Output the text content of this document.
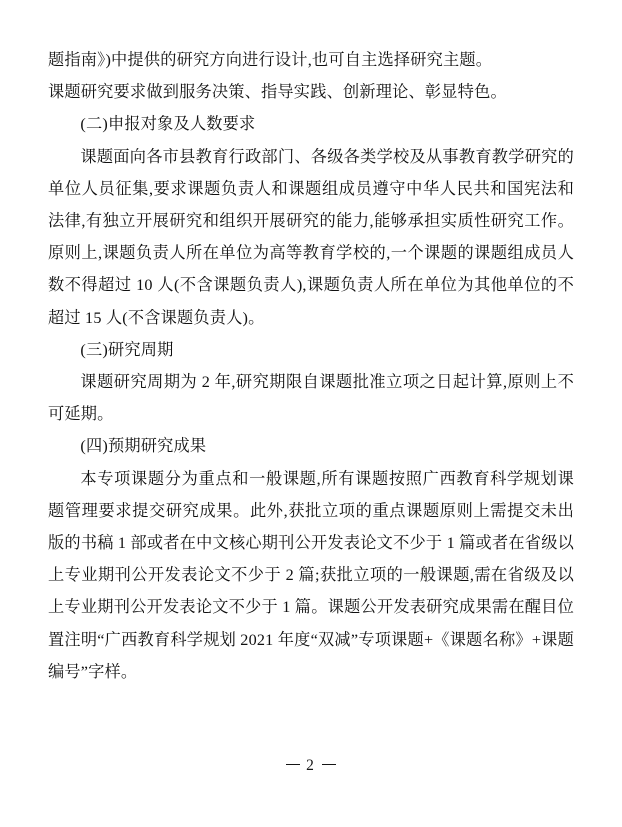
题指南》)中提供的研究方向进行设计,也可自主选择研究主题。

课题研究要求做到服务决策、指导实践、创新理论、彰显特色。

(二)申报对象及人数要求

课题面向各市县教育行政部门、各级各类学校及从事教育教学研究的单位人员征集,要求课题负责人和课题组成员遵守中华人民共和国宪法和法律,有独立开展研究和组织开展研究的能力,能够承担实质性研究工作。原则上,课题负责人所在单位为高等教育学校的,一个课题的课题组成员人数不得超过 10 人(不含课题负责人),课题负责人所在单位为其他单位的不超过 15 人(不含课题负责人)。

(三)研究周期

课题研究周期为 2 年,研究期限自课题批准立项之日起计算,原则上不可延期。

(四)预期研究成果

本专项课题分为重点和一般课题,所有课题按照广西教育科学规划课题管理要求提交研究成果。此外,获批立项的重点课题原则上需提交未出版的书稿 1 部或者在中文核心期刊公开发表论文不少于 1 篇或者在省级以上专业期刊公开发表论文不少于 2 篇;获批立项的一般课题,需在省级及以上专业期刊公开发表论文不少于 1 篇。课题公开发表研究成果需在醒目位置注明“广西教育科学规划 2021 年度“双减”专项课题+《课题名称》+课题编号”字样。

2
